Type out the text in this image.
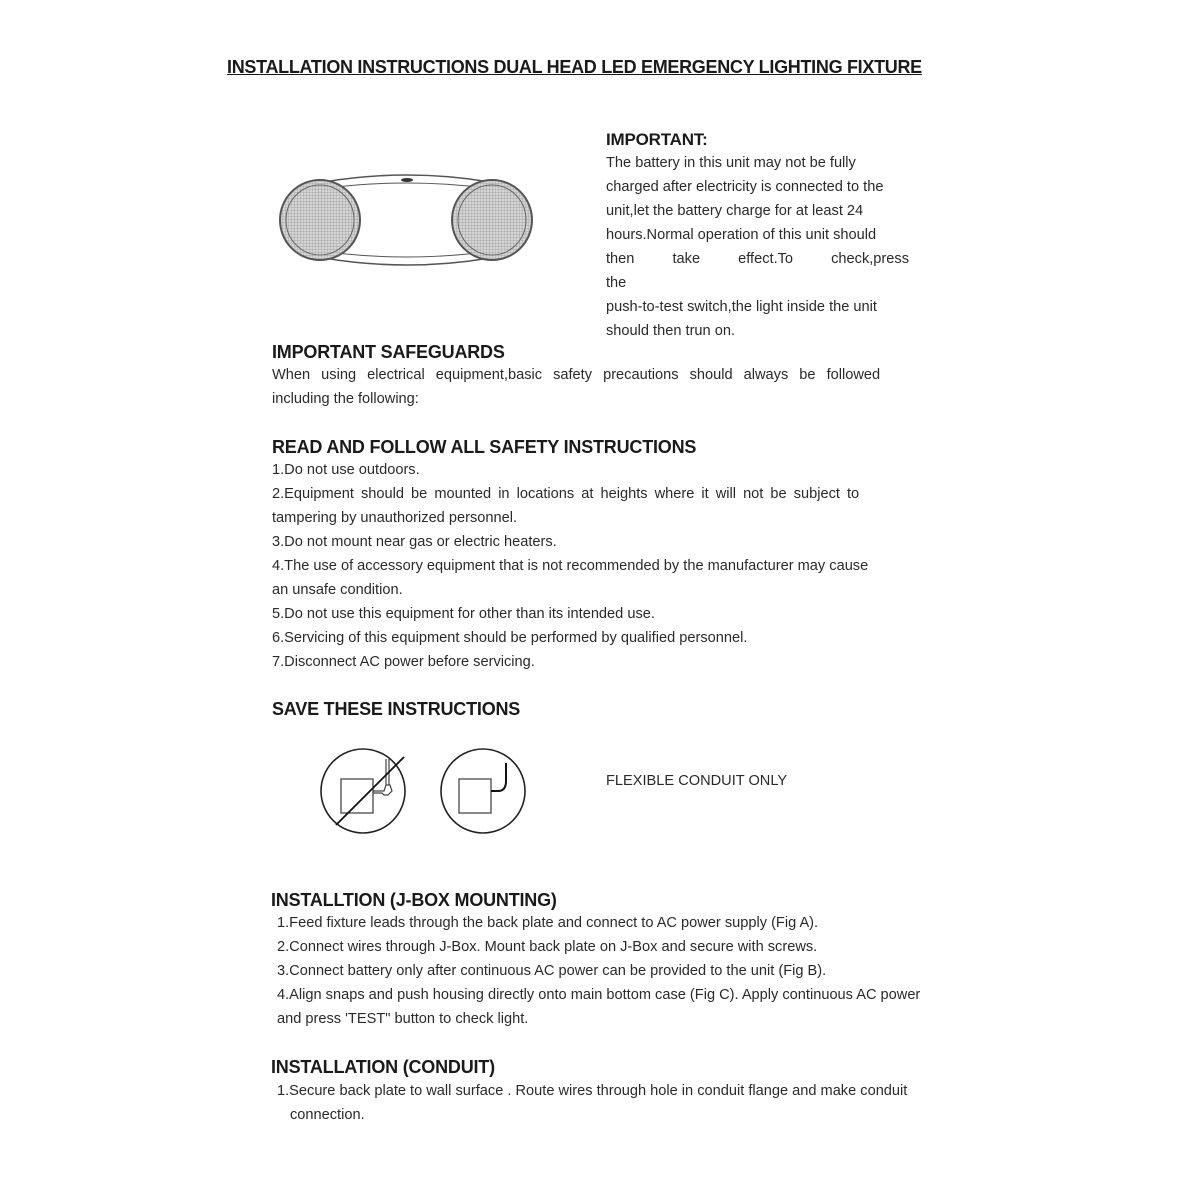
INSTALLATION INSTRUCTIONS DUAL HEAD LED EMERGENCY LIGHTING FIXTURE
IMPORTANT:
The battery in this unit may not be fully
charged after electricity is connected to the
unit,let the battery charge for at least 24
hours.Normal operation of this unit should
then take effect.To check,press the
push-to-test switch,the light inside the unit
should then trun on.
IMPORTANT SAFEGUARDS
When using electrical equipment,basic safety precautions should always be followed
including the following:
READ AND FOLLOW ALL SAFETY INSTRUCTIONS
1.Do not use outdoors.
2.Equipment should be mounted in locations at heights where it will not be subject to
tampering by unauthorized personnel.
3.Do not mount near gas or electric heaters.
4.The use of accessory equipment that is not recommended by the manufacturer may cause
an unsafe condition.
5.Do not use this equipment for other than its intended use.
6.Servicing of this equipment should be performed by qualified personnel.
7.Disconnect AC power before servicing.
SAVE THESE INSTRUCTIONS
FLEXIBLE CONDUIT ONLY
INSTALLTION (J-BOX MOUNTING)
1.Feed fixture leads through the back plate and connect to AC power supply (Fig A).
2.Connect wires through J-Box. Mount back plate on J-Box and secure with screws.
3.Connect battery only after continuous AC power can be provided to the unit (Fig B).
4.Align snaps and push housing directly onto main bottom case (Fig C). Apply continuous AC power
and press 'TEST" button to check light.
INSTALLATION (CONDUIT)
1.Secure back plate to wall surface . Route wires through hole in conduit flange and make conduit
connection.
